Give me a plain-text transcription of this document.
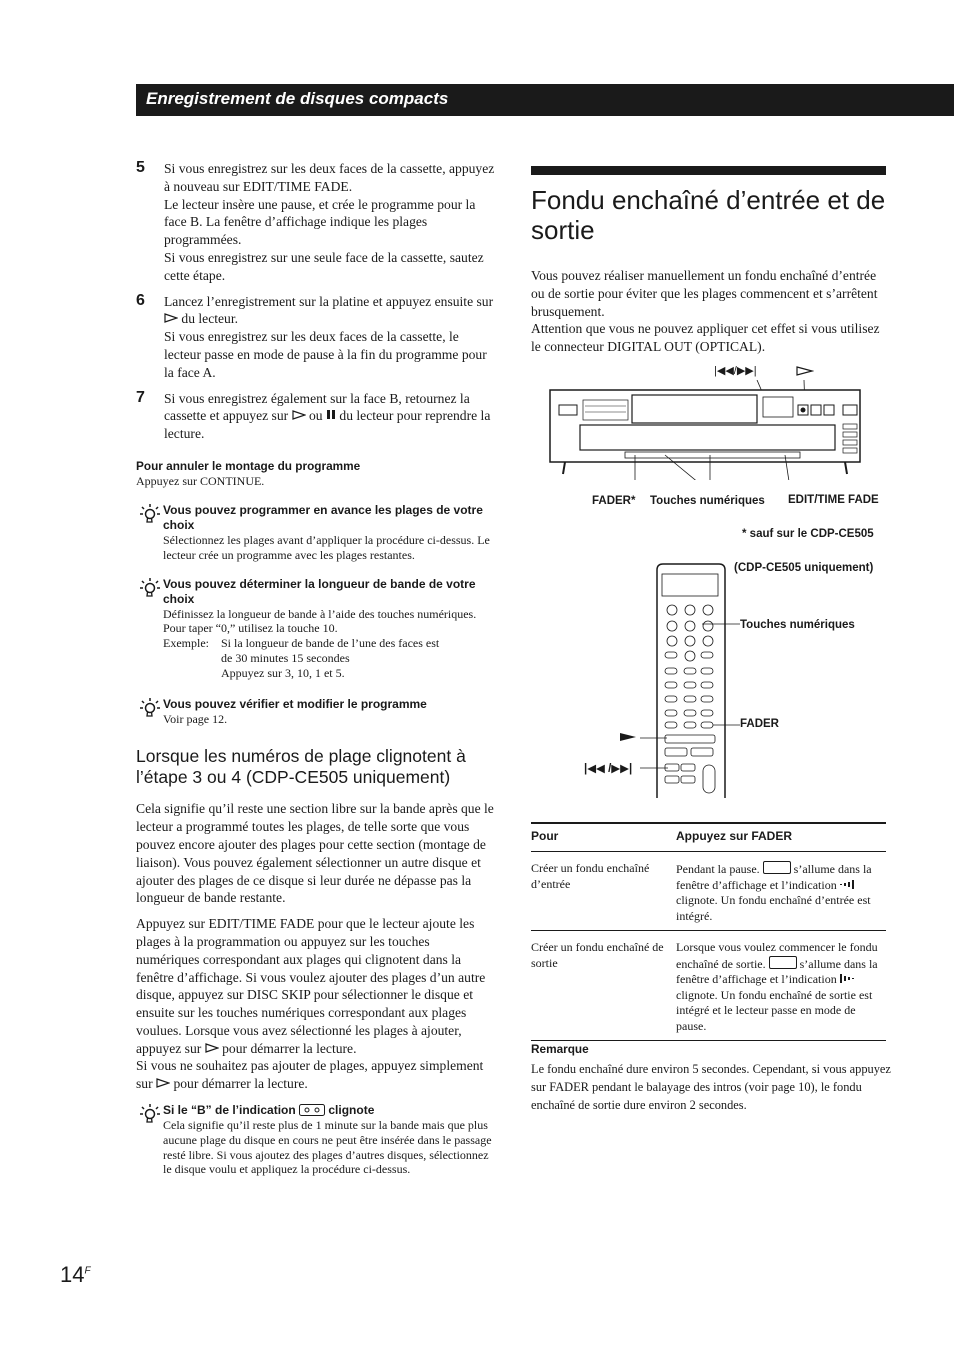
Enregistrement de disques compacts
5 Si vous enregistrez sur les deux faces de la cassette, appuyez à nouveau sur EDIT/TIME FADE.

Le lecteur insère une pause, et crée le programme pour la face B. La fenêtre d’affichage indique les plages programmées.

Si vous enregistrez sur une seule face de la cassette, sautez cette étape.

6 Lancez l’enregistrement sur la platine et appuyez ensuite sur  du lecteur.

Si vous enregistrez sur les deux faces de la cassette, le lecteur passe en mode de pause à la fin du programme pour la face A.

7 Si vous enregistrez également sur la face B, retournez la cassette et appuyez sur ou du lecteur pour reprendre la lecture.

Pour annuler le montage du programme

Appuyez sur CONTINUE.

Vous pouvez programmer en avance les plages de votre choix
Sélectionnez les plages avant d’appliquer la procédure ci-dessus. Le lecteur crée un programme avec les plages restantes.
Vous pouvez déterminer la longueur de bande de votre choix
Définissez la longueur de bande à l’aide des touches numériques. Pour taper “0,” utilisez la touche 10.
Exemple: Si la longueur de bande de l’une des faces est
de 30 minutes 15 secondes
Appuyez sur 3, 10, 1 et 5.
Vous pouvez vérifier et modifier le programme
Voir page 12.
Lorsque les numéros de plage clignotent à l’étape 3 ou 4 (CDP-CE505 uniquement)

Cela signifie qu’il reste une section libre sur la bande après que le lecteur a programmé toutes les plages, de telle sorte que vous pouvez encore ajouter des plages pour cette section (montage de liaison). Vous pouvez également sélectionner un autre disque et ajouter des plages de ce disque si leur durée ne dépasse pas la longueur de bande restante.

Appuyez sur EDIT/TIME FADE pour que le lecteur ajoute les plages à la programmation ou appuyez sur les touches numériques correspondant aux plages qui clignotent dans la fenêtre d’affichage. Si vous voulez ajouter des plages d’un autre disque, appuyez sur DISC SKIP pour sélectionner le disque et ensuite sur les touches numériques correspondant aux plages voulues. Lorsque vous avez sélectionné les plages à ajouter, appuyez sur pour démarrer la lecture.

Si vous ne souhaitez pas ajouter de plages, appuyez simplement sur pour démarrer la lecture.

Si le “B” de l’indication	clignote
Cela signifie qu’il reste plus de 1 minute sur la bande mais que plus aucune plage du disque en cours ne peut être insérée dans le passage resté libre. Si vous ajoutez des plages d’autres disques, sélectionnez le disque voulu et appliquez la procédure ci-dessus.
$14^F$
Fondu enchaîné d’entrée et de sortie

Vous pouvez réaliser manuellement un fondu enchaîné d’entrée ou de sortie pour éviter que les plages commencent et s’arrêtent brusquement.

Attention que vous ne pouvez appliquer cet effet si vous utilisez le connecteur DIGITAL OUT (OPTICAL).

|◀◀/▶▶|
FADER* Touches numériques EDIT/TIME FADE
* sauf sur le CDP-CE505
(CDP-CE505 uniquement)
Touches numériques
FADER
|◀◀ /▶▶|
Pour	Appuyez sur FADER
Créer un fondu enchaîné d’entrée	Pendant la pause. s’allume dans la fenêtre d’affichage et l’indication  clignote. Un fondu enchaîné d’entrée est intégré.
Créer un fondu enchaîné de sortie	Lorsque vous voulez commencer le fondu enchaîné de sortie. s’allume dans la fenêtre d’affichage et l’indication  clignote. Un fondu enchaîné de sortie est intégré et le lecteur passe en mode de pause.

Remarque

Le fondu enchaîné dure environ 5 secondes. Cependant, si vous appuyez sur FADER pendant le balayage des intros (voir page 10), le fondu enchaîné de sortie dure environ 2 secondes.
